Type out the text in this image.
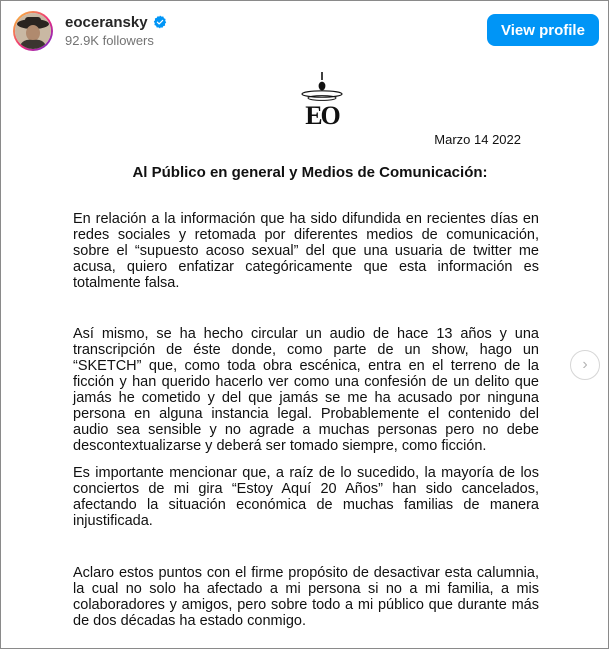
eoceransky
92.9K followers
View profile
EO
Marzo 14 2022
Al Público en general y Medios de Comunicación:

En relación a la información que ha sido difundida en recientes días en redes sociales y retomada por diferentes medios de comunicación, sobre el “supuesto acoso sexual” del que una usuaria de twitter me acusa, quiero enfatizar categóricamente que esta información es totalmente falsa.

Así mismo, se ha hecho circular un audio de hace 13 años y una transcripción de éste donde, como parte de un show, hago un “SKETCH” que, como toda obra escénica, entra en el terreno de la ficción y han querido hacerlo ver como una confesión de un delito que jamás he cometido y del que jamás se me ha acusado por ninguna persona en alguna instancia legal. Probablemente el contenido del audio sea sensible y no agrade a muchas personas pero no debe descontextualizarse y deberá ser tomado siempre, como ficción.

Es importante mencionar que, a raíz de lo sucedido, la mayoría de los conciertos de mi gira “Estoy Aquí 20 Años” han sido cancelados, afectando la situación económica de muchas familias de manera injustificada.

Aclaro estos puntos con el firme propósito de desactivar esta calumnia, la cual no solo ha afectado a mi persona si no a mi familia, a mis colaboradores y amigos, pero sobre todo a mi público que durante más de dos décadas ha estado conmigo.

›
